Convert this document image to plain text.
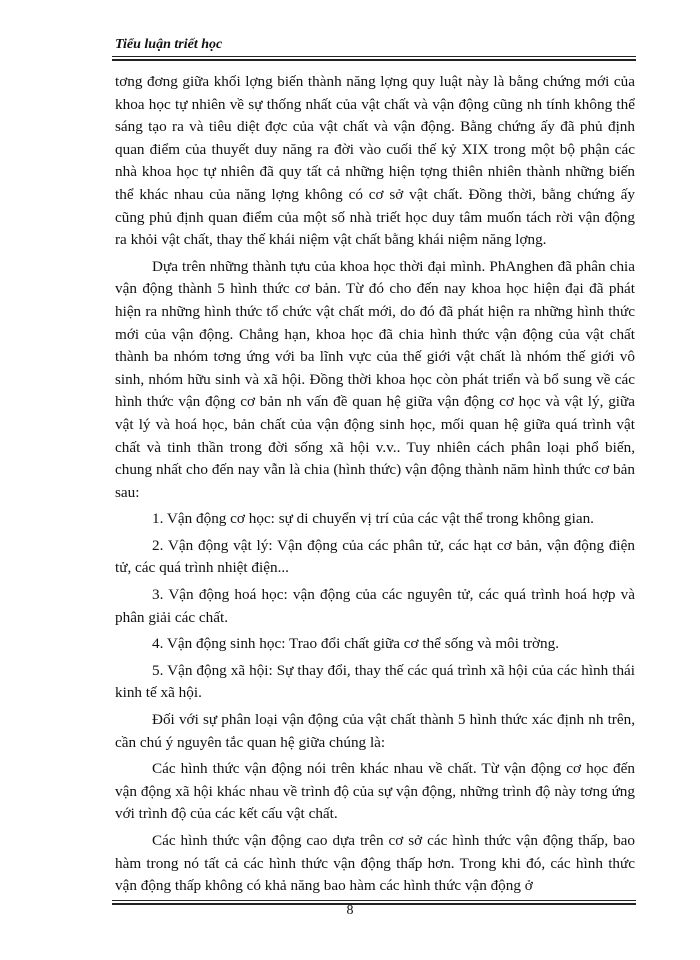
Tiểu luận triết học

tơng đơng giữa khối lợng biến thành năng lợng quy luật này là bằng chứng mới của khoa học tự nhiên về sự thống nhất của vật chất và vận động cũng nh tính không thể sáng tạo ra và tiêu diệt đợc của vật chất và vận động. Bằng chứng ấy đã phủ định quan điểm của thuyết duy năng ra đời vào cuối thế kỷ XIX trong một bộ phận các nhà khoa học tự nhiên đã quy tất cả những hiện tợng thiên nhiên thành những biến thể khác nhau của năng lợng không có cơ sở vật chất. Đồng thời, bằng chứng ấy cũng phủ định quan điểm của một số nhà triết học duy tâm muốn tách rời vận động ra khỏi vật chất, thay thế khái niệm vật chất bằng khái niệm năng lợng.

Dựa trên những thành tựu của khoa học thời đại mình. PhAnghen đã phân chia vận động thành 5 hình thức cơ bản. Từ đó cho đến nay khoa học hiện đại đã phát hiện ra những hình thức tổ chức vật chất mới, do đó đã phát hiện ra những hình thức mới của vận động. Chẳng hạn, khoa học đã chia hình thức vận động của vật chất thành ba nhóm tơng ứng với ba lĩnh vực của thế giới vật chất là nhóm thế giới vô sinh, nhóm hữu sinh và xã hội. Đồng thời khoa học còn phát triển và bổ sung về các hình thức vận động cơ bản nh vấn đề quan hệ giữa vận động cơ học và vật lý, giữa vật lý và hoá học, bản chất của vận động sinh học, mối quan hệ giữa quá trình vật chất và tinh thần trong đời sống xã hội v.v.. Tuy nhiên cách phân loại phổ biến, chung nhất cho đến nay vẫn là chia (hình thức) vận động thành năm hình thức cơ bản sau:

1. Vận động cơ học: sự di chuyển vị trí của các vật thể trong không gian.

2. Vận động vật lý: Vận động của các phân tử, các hạt cơ bản, vận động điện tử, các quá trình nhiệt điện...

3. Vận động hoá học: vận động của các nguyên tử, các quá trình hoá hợp và phân giải các chất.

4. Vận động sinh học: Trao đổi chất giữa cơ thể sống và môi trờng.

5. Vận động xã hội: Sự thay đổi, thay thế các quá trình xã hội của các hình thái kinh tế xã hội.

Đối với sự phân loại vận động của vật chất thành 5 hình thức xác định nh trên, cần chú ý nguyên tắc quan hệ giữa chúng là:

Các hình thức vận động nói trên khác nhau về chất. Từ vận động cơ học đến vận động xã hội khác nhau về trình độ của sự vận động, những trình độ này tơng ứng với trình độ của các kết cấu vật chất.

Các hình thức vận động cao dựa trên cơ sở các hình thức vận động thấp, bao hàm trong nó tất cả các hình thức vận động thấp hơn. Trong khi đó, các hình thức vận động thấp không có khả năng bao hàm các hình thức vận động ở

8
